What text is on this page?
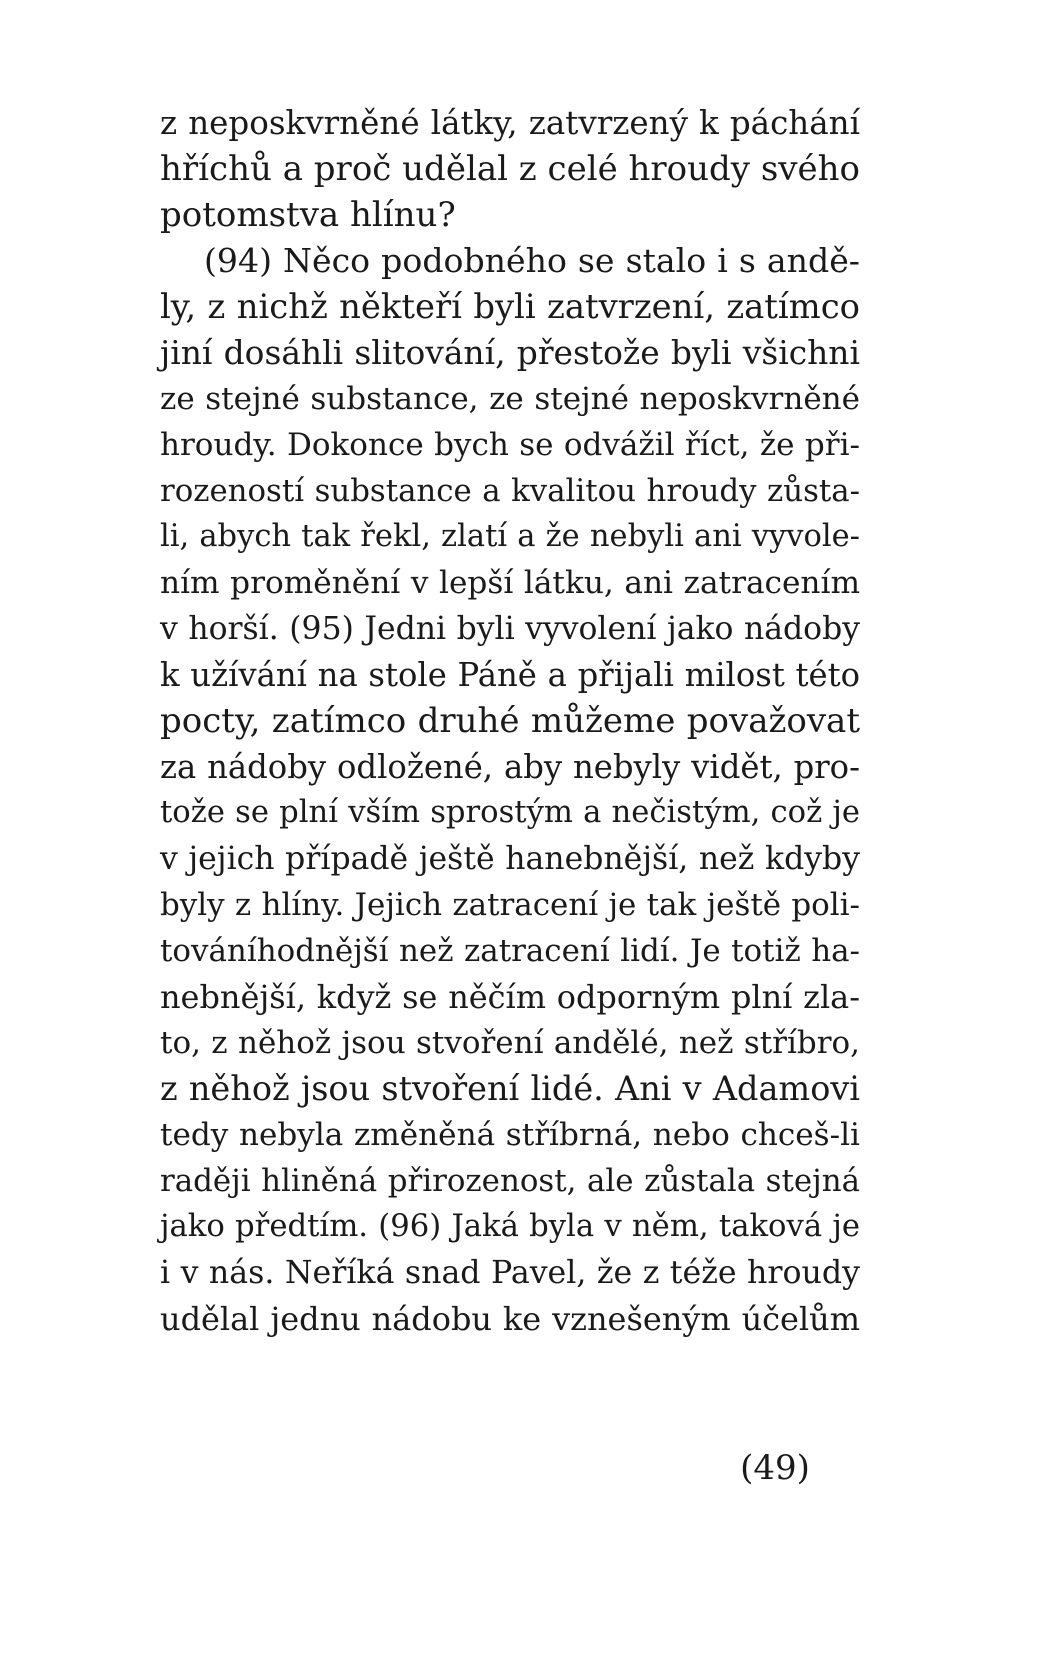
z neposkvrněné látky, zatvrzený k páchání
hříchů a proč udělal z celé hroudy svého
potomstva hlínu?
(94) Něco podobného se stalo i s andě-
ly, z nichž někteří byli zatvrzení, zatímco
jiní dosáhli slitování, přestože byli všichni
ze stejné substance, ze stejné neposkvrněné
hroudy. Dokonce bych se odvážil říct, že při-
rozeností substance a kvalitou hroudy zůsta-
li, abych tak řekl, zlatí a že nebyli ani vyvole-
ním proměnění v lepší látku, ani zatracením
v horší. (95) Jedni byli vyvolení jako nádoby
k užívání na stole Páně a přijali milost této
pocty, zatímco druhé můžeme považovat
za nádoby odložené, aby nebyly vidět, pro-
tože se plní vším sprostým a nečistým, což je
v jejich případě ještě hanebnější, než kdyby
byly z hlíny. Jejich zatracení je tak ještě poli-
továníhodnější než zatracení lidí. Je totiž ha-
nebnější, když se něčím odporným plní zla-
to, z něhož jsou stvoření andělé, než stříbro,
z něhož jsou stvoření lidé. Ani v Adamovi
tedy nebyla změněná stříbrná, nebo chceš-li
raději hliněná přirozenost, ale zůstala stejná
jako předtím. (96) Jaká byla v něm, taková je
i v nás. Neříká snad Pavel, že z téže hroudy
udělal jednu nádobu ke vznešeným účelům
(49)
